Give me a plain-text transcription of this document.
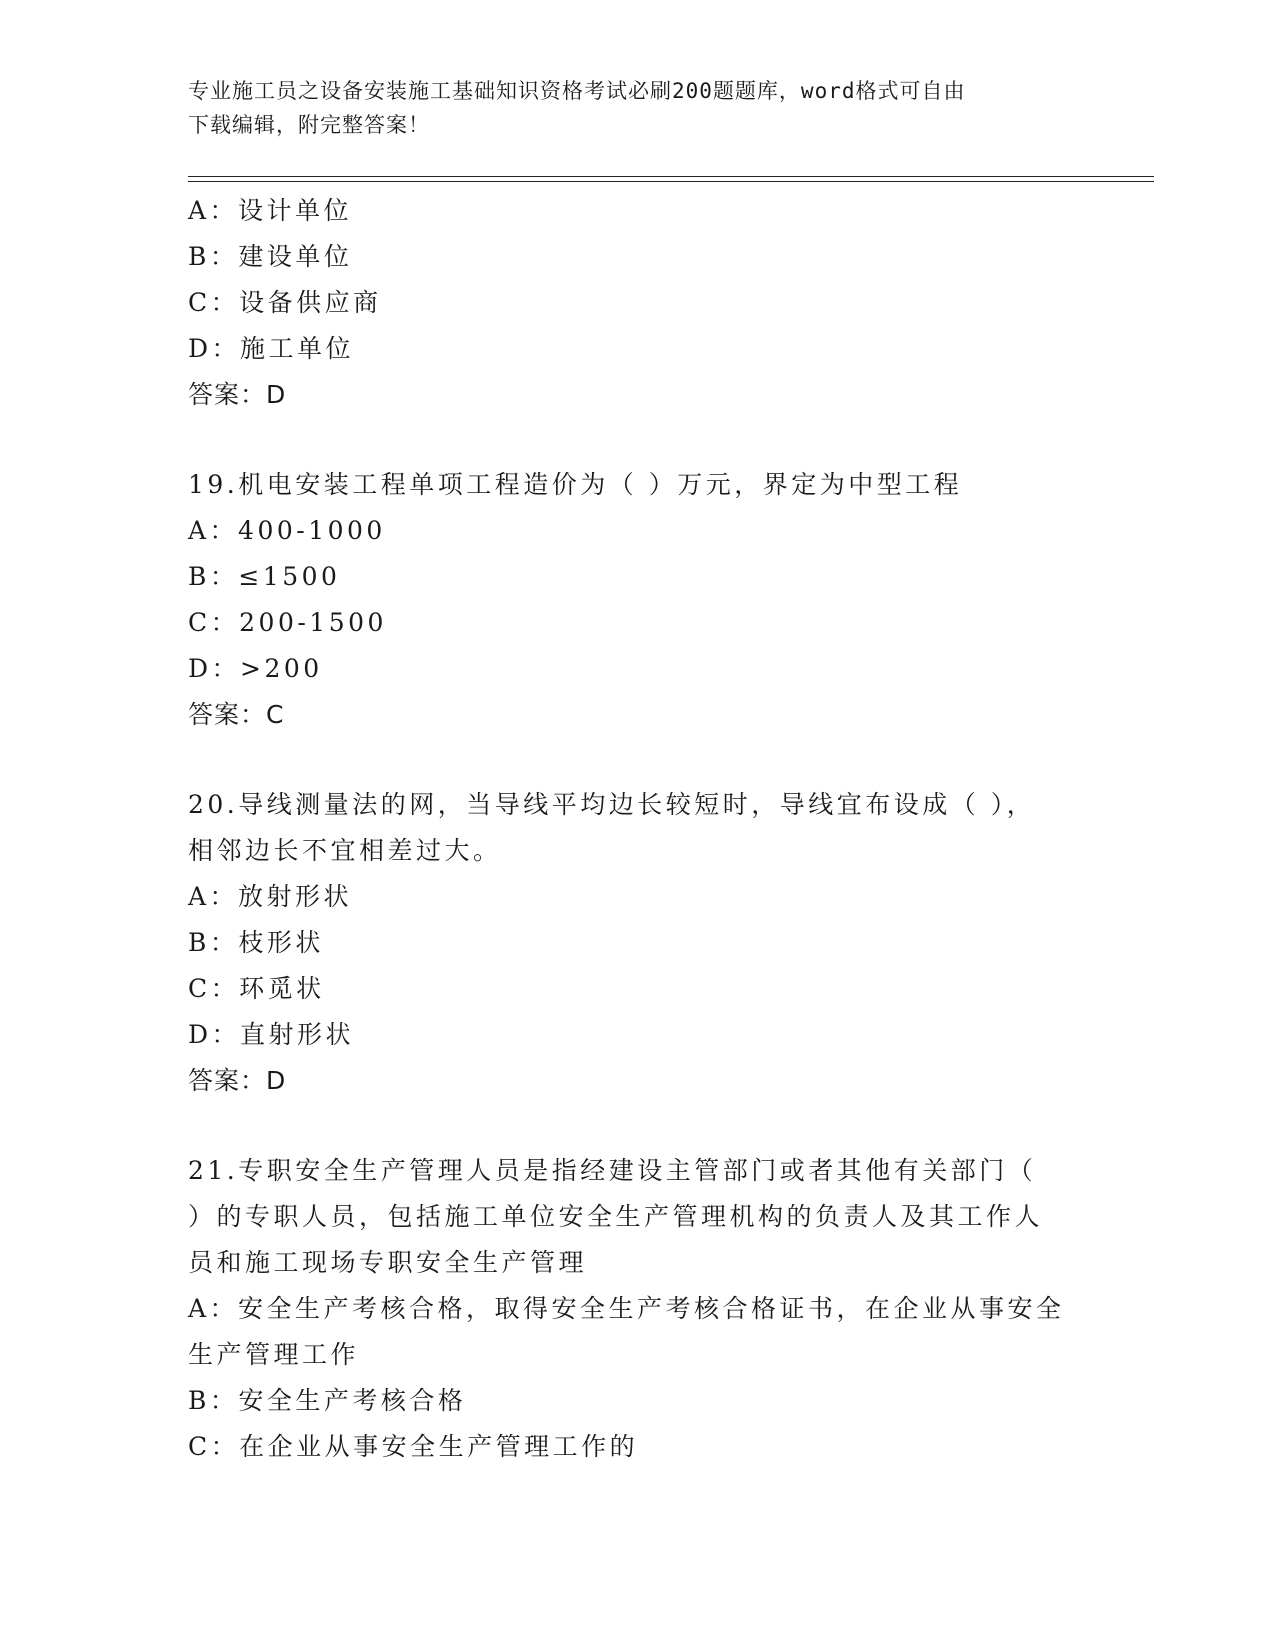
专业施工员之设备安装施工基础知识资格考试必刷200题题库，word格式可自由
下载编辑，附完整答案！
A：设计单位
B：建设单位
C：设备供应商
D：施工单位
答案：D
19.机电安装工程单项工程造价为（ ）万元，界定为中型工程
A：400-1000
B：≤1500
C：200-1500
D：>200
答案：C
20.导线测量法的网，当导线平均边长较短时，导线宜布设成（ ），
相邻边长不宜相差过大。
A：放射形状
B：枝形状
C：环觅状
D：直射形状
答案：D
21.专职安全生产管理人员是指经建设主管部门或者其他有关部门（
）的专职人员，包括施工单位安全生产管理机构的负责人及其工作人
员和施工现场专职安全生产管理
A：安全生产考核合格，取得安全生产考核合格证书，在企业从事安全
生产管理工作
B：安全生产考核合格
C：在企业从事安全生产管理工作的
